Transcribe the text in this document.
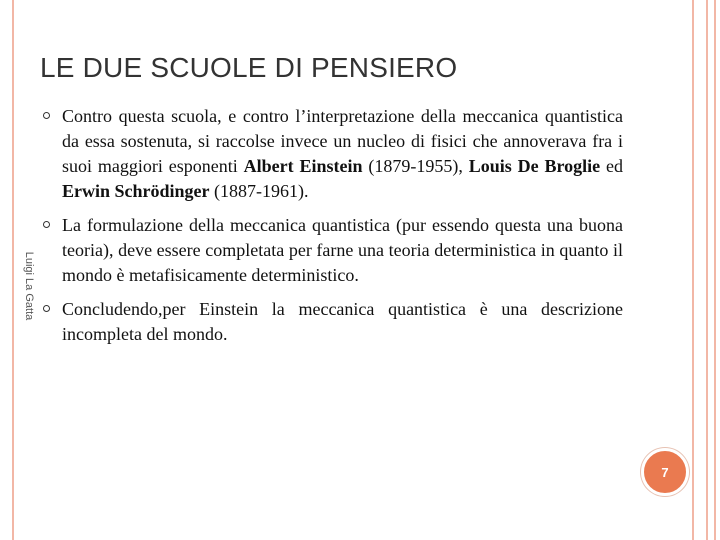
LE DUE SCUOLE DI PENSIERO
Luigi La Gatta
Contro questa scuola, e contro l’interpretazione della meccanica quantistica da essa sostenuta, si raccolse invece un nucleo di fisici che annoverava fra i suoi maggiori esponenti Albert Einstein (1879-1955), Louis De Broglie ed Erwin Schrödinger (1887-1961).
La formulazione della meccanica quantistica (pur essendo questa una buona teoria), deve essere completata per farne una teoria deterministica in quanto il mondo è metafisicamente deterministico.
Concludendo,per Einstein la meccanica quantistica è una descrizione incompleta del mondo.
7
